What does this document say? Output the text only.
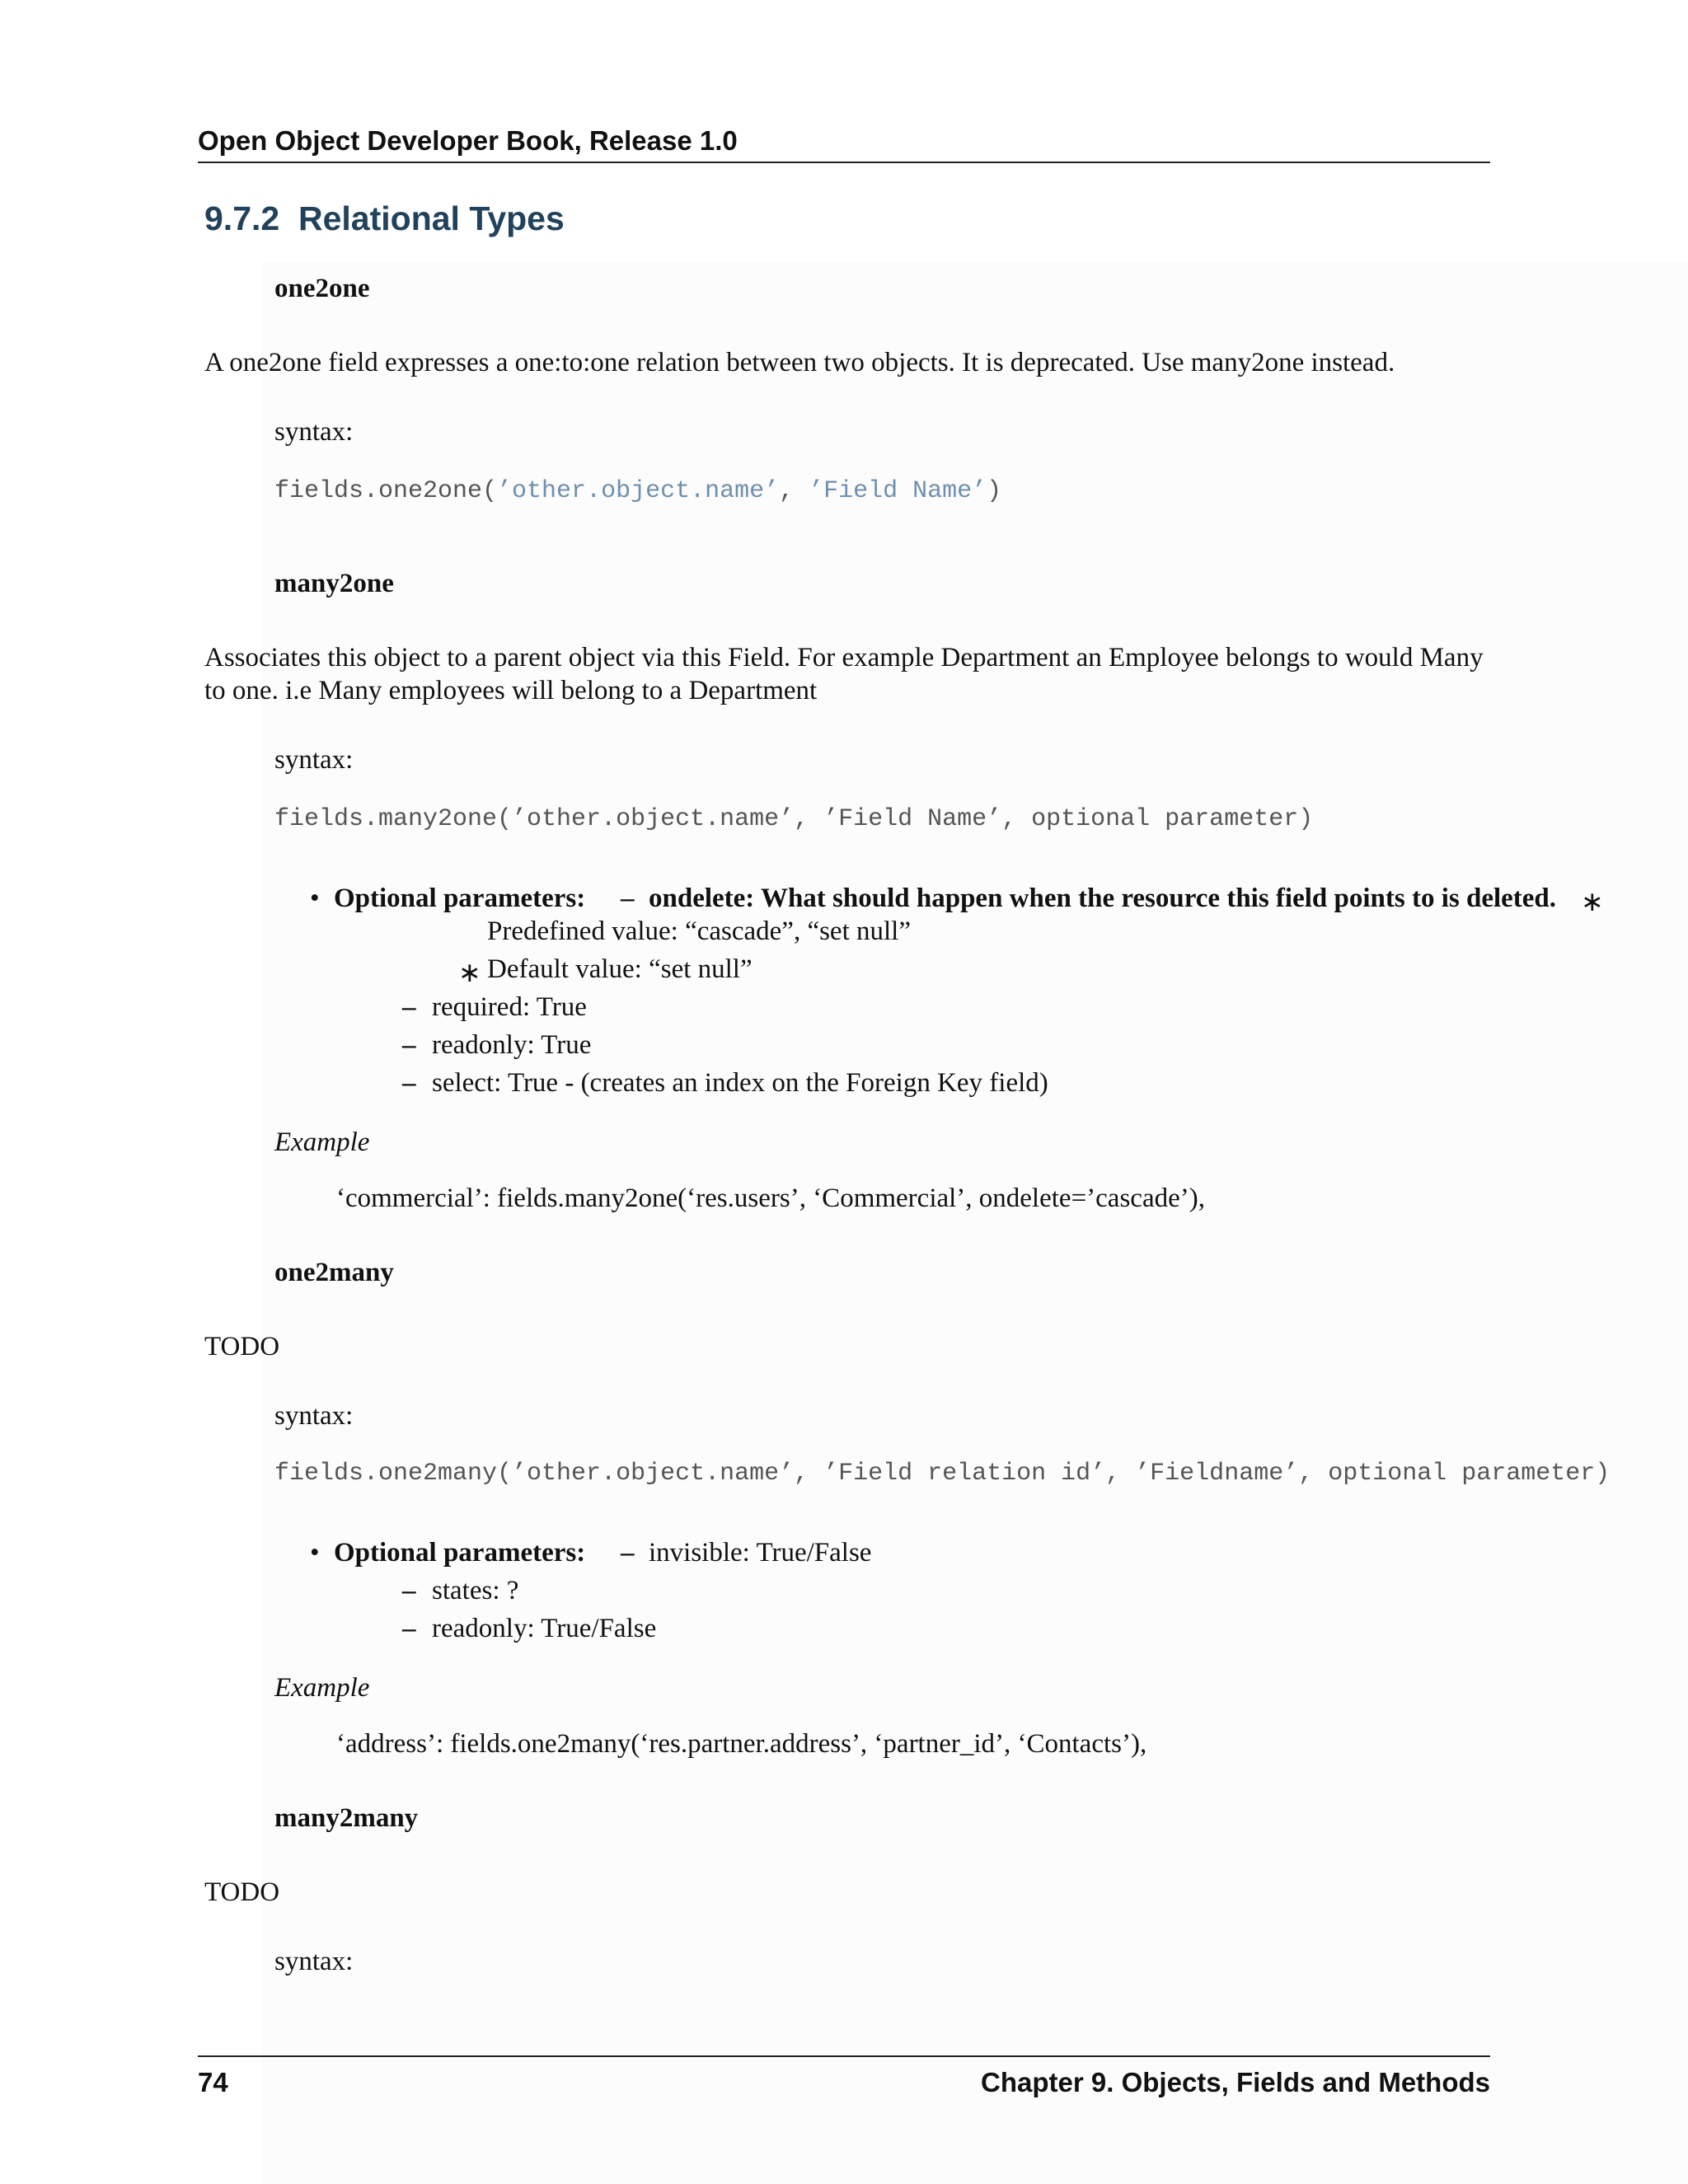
Open Object Developer Book, Release 1.0
9.7.2 Relational Types
one2one
A one2one field expresses a one:to:one relation between two objects. It is deprecated. Use many2one instead.
syntax:
fields.one2one(’other.object.name’, ’Field Name’)
many2one
Associates this object to a parent object via this Field. For example Department an Employee belongs to would Many
to one. i.e Many employees will belong to a Department
syntax:
fields.many2one(’other.object.name’, ’Field Name’, optional parameter)
• Optional parameters: – ondelete: What should happen when the resource this field points to is deleted. ∗
Predefined value: “cascade”, “set null”
∗ Default value: “set null”
– required: True
– readonly: True
– select: True - (creates an index on the Foreign Key field)
Example
‘commercial’: fields.many2one(‘res.users’, ‘Commercial’, ondelete=’cascade’),
one2many
TODO
syntax:
fields.one2many(’other.object.name’, ’Field relation id’, ’Fieldname’, optional parameter)
• Optional parameters: – invisible: True/False
– states: ?
– readonly: True/False
Example
‘address’: fields.one2many(‘res.partner.address’, ‘partner_id’, ‘Contacts’),
many2many
TODO
syntax:
74	Chapter 9. Objects, Fields and Methods
